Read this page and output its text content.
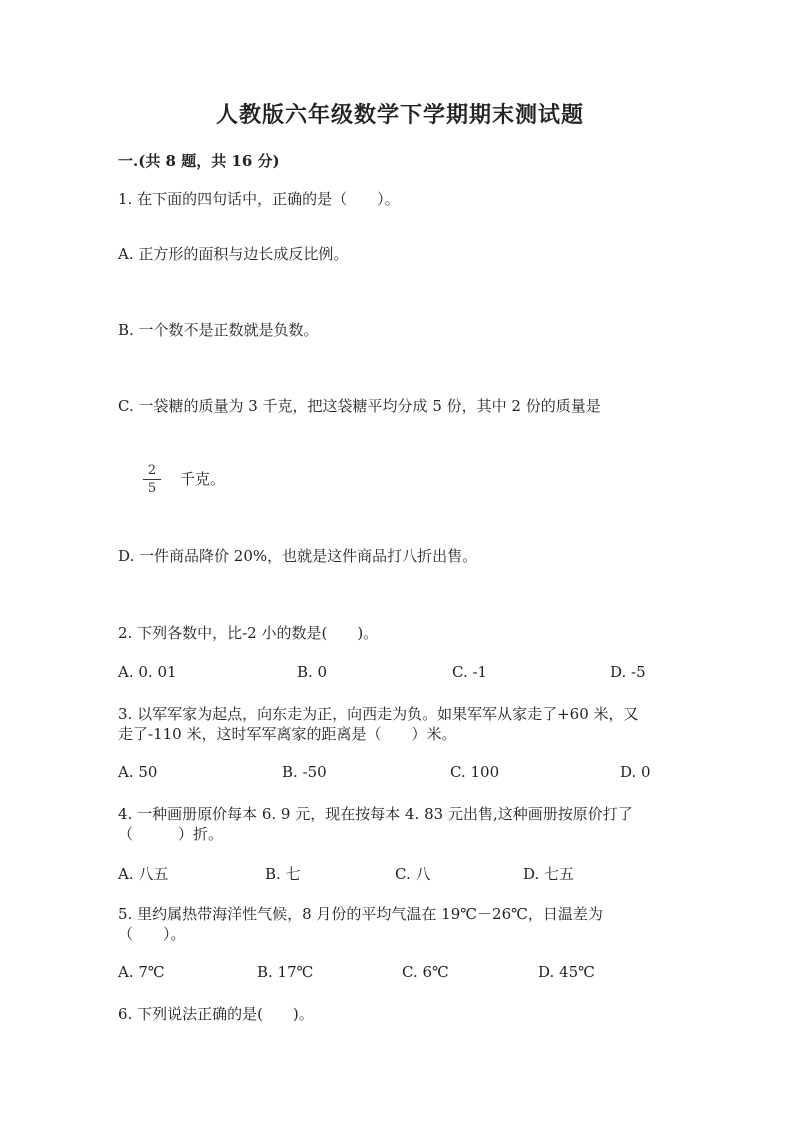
人教版六年级数学下学期期末测试题
一.(共 8 题，共 16 分)
1. 在下面的四句话中，正确的是（　　）。
A. 正方形的面积与边长成反比例。
B. 一个数不是正数就是负数。
C. 一袋糖的质量为 3 千克，把这袋糖平均分成 5 份，其中 2 份的质量是
2
5
千克。
D. 一件商品降价 20%，也就是这件商品打八折出售。
2. 下列各数中，比-2 小的数是(　　)。
A. 0. 01	B. 0	C. -1	D. -5
3. 以军军家为起点，向东走为正，向西走为负。如果军军从家走了+60 米，又
走了-110 米，这时军军离家的距离是（　　）米。
A. 50	B. -50	C. 100	D. 0
4. 一种画册原价每本 6. 9 元，现在按每本 4. 83 元出售,这种画册按原价打了
（　　　）折。
A. 八五	B. 七	C. 八	D. 七五
5. 里约属热带海洋性气候，8 月份的平均气温在 19℃－26℃，日温差为
（　　）。
A. 7℃	B. 17℃	C. 6℃	D. 45℃
6. 下列说法正确的是(　　)。
